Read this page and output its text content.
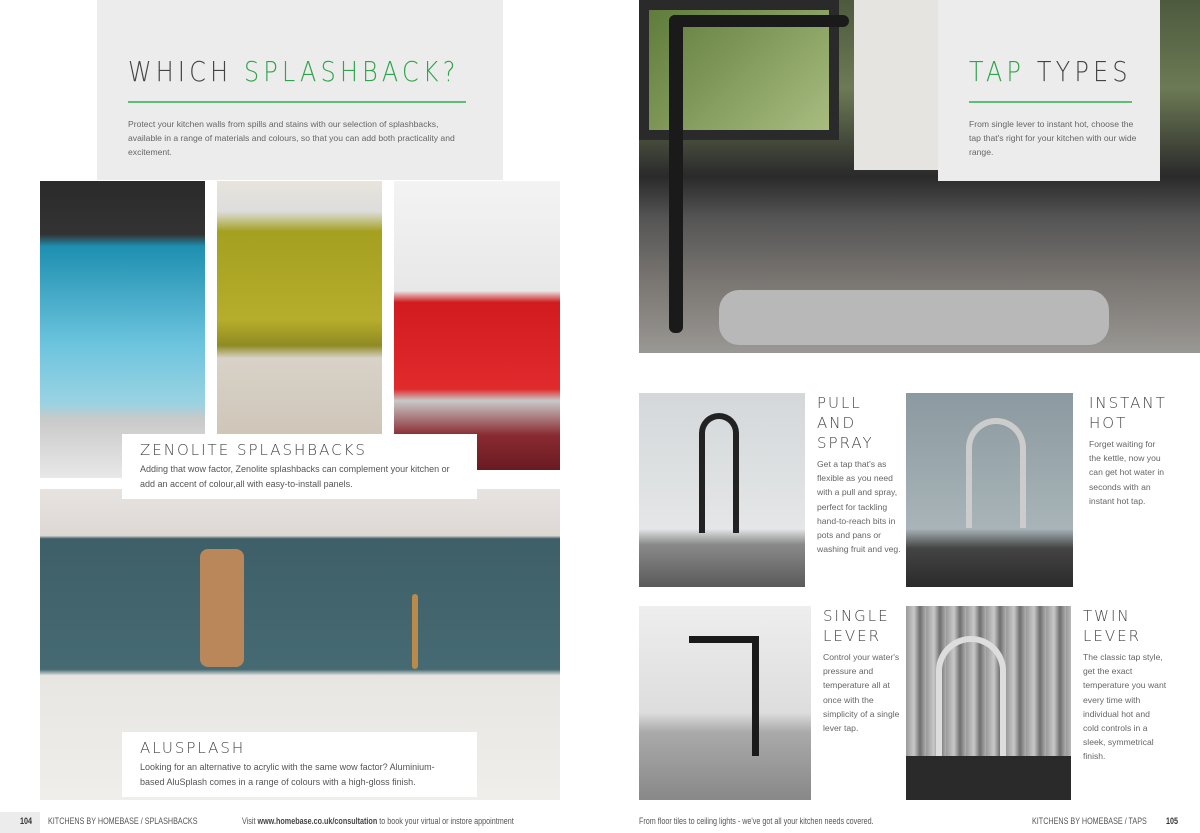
WHICH SPLASHBACK?
Protect your kitchen walls from spills and stains with our selection of splashbacks, available in a range of materials and colours, so that you can add both practicality and excitement.
ZENOLITE SPLASHBACKS

Adding that wow factor, Zenolite splashbacks can complement your kitchen or add an accent of colour,all with easy-to-install panels.

ALUSPLASH

Looking for an alternative to acrylic with the same wow factor? Aluminium-based AluSplash comes in a range of colours with a high-gloss finish.

104 KITCHENS BY HOMEBASE / SPLASHBACKS	Visit www.homebase.co.uk/consultation to book your virtual or instore appointment
TAP TYPES
From single lever to instant hot, choose the tap that's right for your kitchen with our wide range.
PULL AND SPRAY

Get a tap that's as flexible as you need with a pull and spray, perfect for tackling hand-to-reach bits in pots and pans or washing fruit and veg.

INSTANT HOT

Forget waiting for the kettle, now you can get hot water in seconds with an instant hot tap.

SINGLE LEVER

Control your water's pressure and temperature all at once with the simplicity of a single lever tap.

TWIN LEVER

The classic tap style, get the exact temperature you want every time with individual hot and cold controls in a sleek, symmetrical finish.

From floor tiles to ceiling lights - we've got all your kitchen needs covered.	KITCHENS BY HOMEBASE / TAPS 105
